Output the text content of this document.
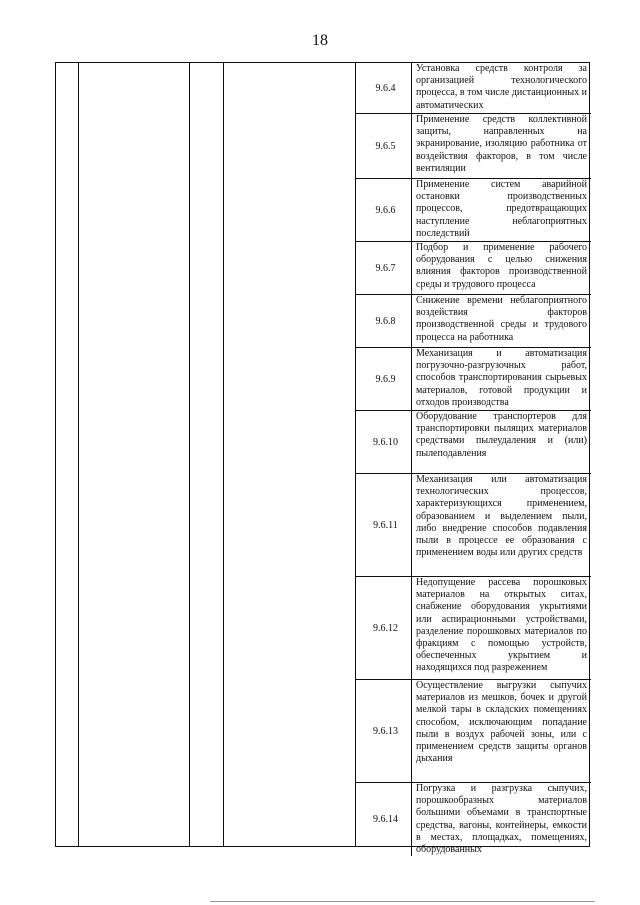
18
9.6.4
Установка средств контроля за организацией технологического процесса, в том числе дистанционных и автоматических
9.6.5
Применение средств коллективной защиты, направленных на экранирование, изоляцию работника от воздействия факторов, в том числе вентиляции
9.6.6
Применение систем аварийной остановки производственных процессов, предотвращающих наступление неблагоприятных последствий
9.6.7
Подбор и применение рабочего оборудования с целью снижения влияния факторов производственной среды и трудового процесса
9.6.8
Снижение времени неблагоприятного воздействия факторов производственной среды и трудового процесса на работника
9.6.9
Механизация и автоматизация погрузочно-разгрузочных работ, способов транспортирования сырьевых материалов, готовой продукции и отходов производства
9.6.10
Оборудование транспортеров для транспортировки пылящих материалов средствами пылеудаления и (или) пылеподавления
9.6.11
Механизация или автоматизация технологических процессов, характеризующихся применением, образованием и выделением пыли, либо внедрение способов подавления пыли в процессе ее образования с применением воды или других средств
9.6.12
Недопущение рассева порошковых материалов на открытых ситах, снабжение оборудования укрытиями или аспирационными устройствами, разделение порошковых материалов по фракциям с помощью устройств, обеспеченных укрытием и находящихся под разрежением
9.6.13
Осуществление выгрузки сыпучих материалов из мешков, бочек и другой мелкой тары в складских помещениях способом, исключающим попадание пыли в воздух рабочей зоны, или с применением средств защиты органов дыхания
9.6.14
Погрузка и разгрузка сыпучих, порошкообразных материалов большими объемами в транспортные средства, вагоны, контейнеры, емкости в местах, площадках, помещениях, оборудованных
